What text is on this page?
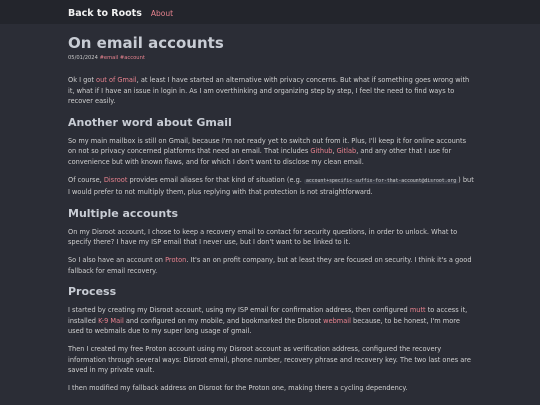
Back to Roots About
On email accounts
05/01/2024 #email #account

Ok I got out of Gmail, at least I have started an alternative with privacy concerns. But what if something goes wrong with it, what if I have an issue in login in. As I am overthinking and organizing step by step, I feel the need to find ways to recover easily.

Another word about Gmail

So my main mailbox is still on Gmail, because I'm not ready yet to switch out from it. Plus, I'll keep it for online accounts on not so privacy concerned platforms that need an email. That includes Github, Gitlab, and any other that I use for convenience but with known flaws, and for which I don't want to disclose my clean email.

Of course, Disroot provides email aliases for that kind of situation (e.g. account+specific-suffix-for-that-account@disroot.org ) but I would prefer to not multiply them, plus replying with that protection is not straightforward.

Multiple accounts

On my Disroot account, I chose to keep a recovery email to contact for security questions, in order to unlock. What to specify there? I have my ISP email that I never use, but I don't want to be linked to it.

So I also have an account on Proton. It's an on profit company, but at least they are focused on security. I think it's a good fallback for email recovery.

Process

I started by creating my Disroot account, using my ISP email for confirmation address, then configured mutt to access it, installed K-9 Mail and configured on my mobile, and bookmarked the Disroot webmail because, to be honest, I'm more used to webmails due to my super long usage of gmail.

Then I created my free Proton account using my Disroot account as verification address, configured the recovery information through several ways: Disroot email, phone number, recovery phrase and recovery key. The two last ones are saved in my private vault.

I then modified my fallback address on Disroot for the Proton one, making there a cycling dependency.
